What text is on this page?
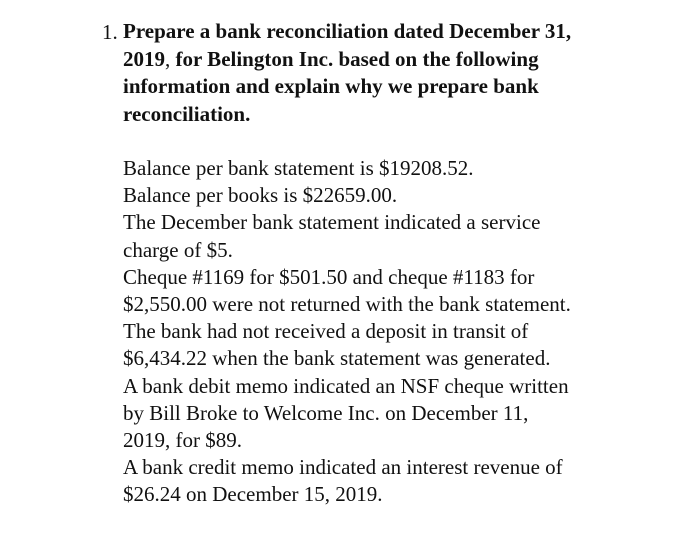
1. Prepare a bank reconciliation dated December 31,
2019, for Belington Inc. based on the following
information and explain why we prepare bank
reconciliation.
Balance per bank statement is $19208.52.
Balance per books is $22659.00.
The December bank statement indicated a service
charge of $5.
Cheque #1169 for $501.50 and cheque #1183 for
$2,550.00 were not returned with the bank statement.
The bank had not received a deposit in transit of
$6,434.22 when the bank statement was generated.
A bank debit memo indicated an NSF cheque written
by Bill Broke to Welcome Inc. on December 11,
2019, for $89.
A bank credit memo indicated an interest revenue of
$26.24 on December 15, 2019.
